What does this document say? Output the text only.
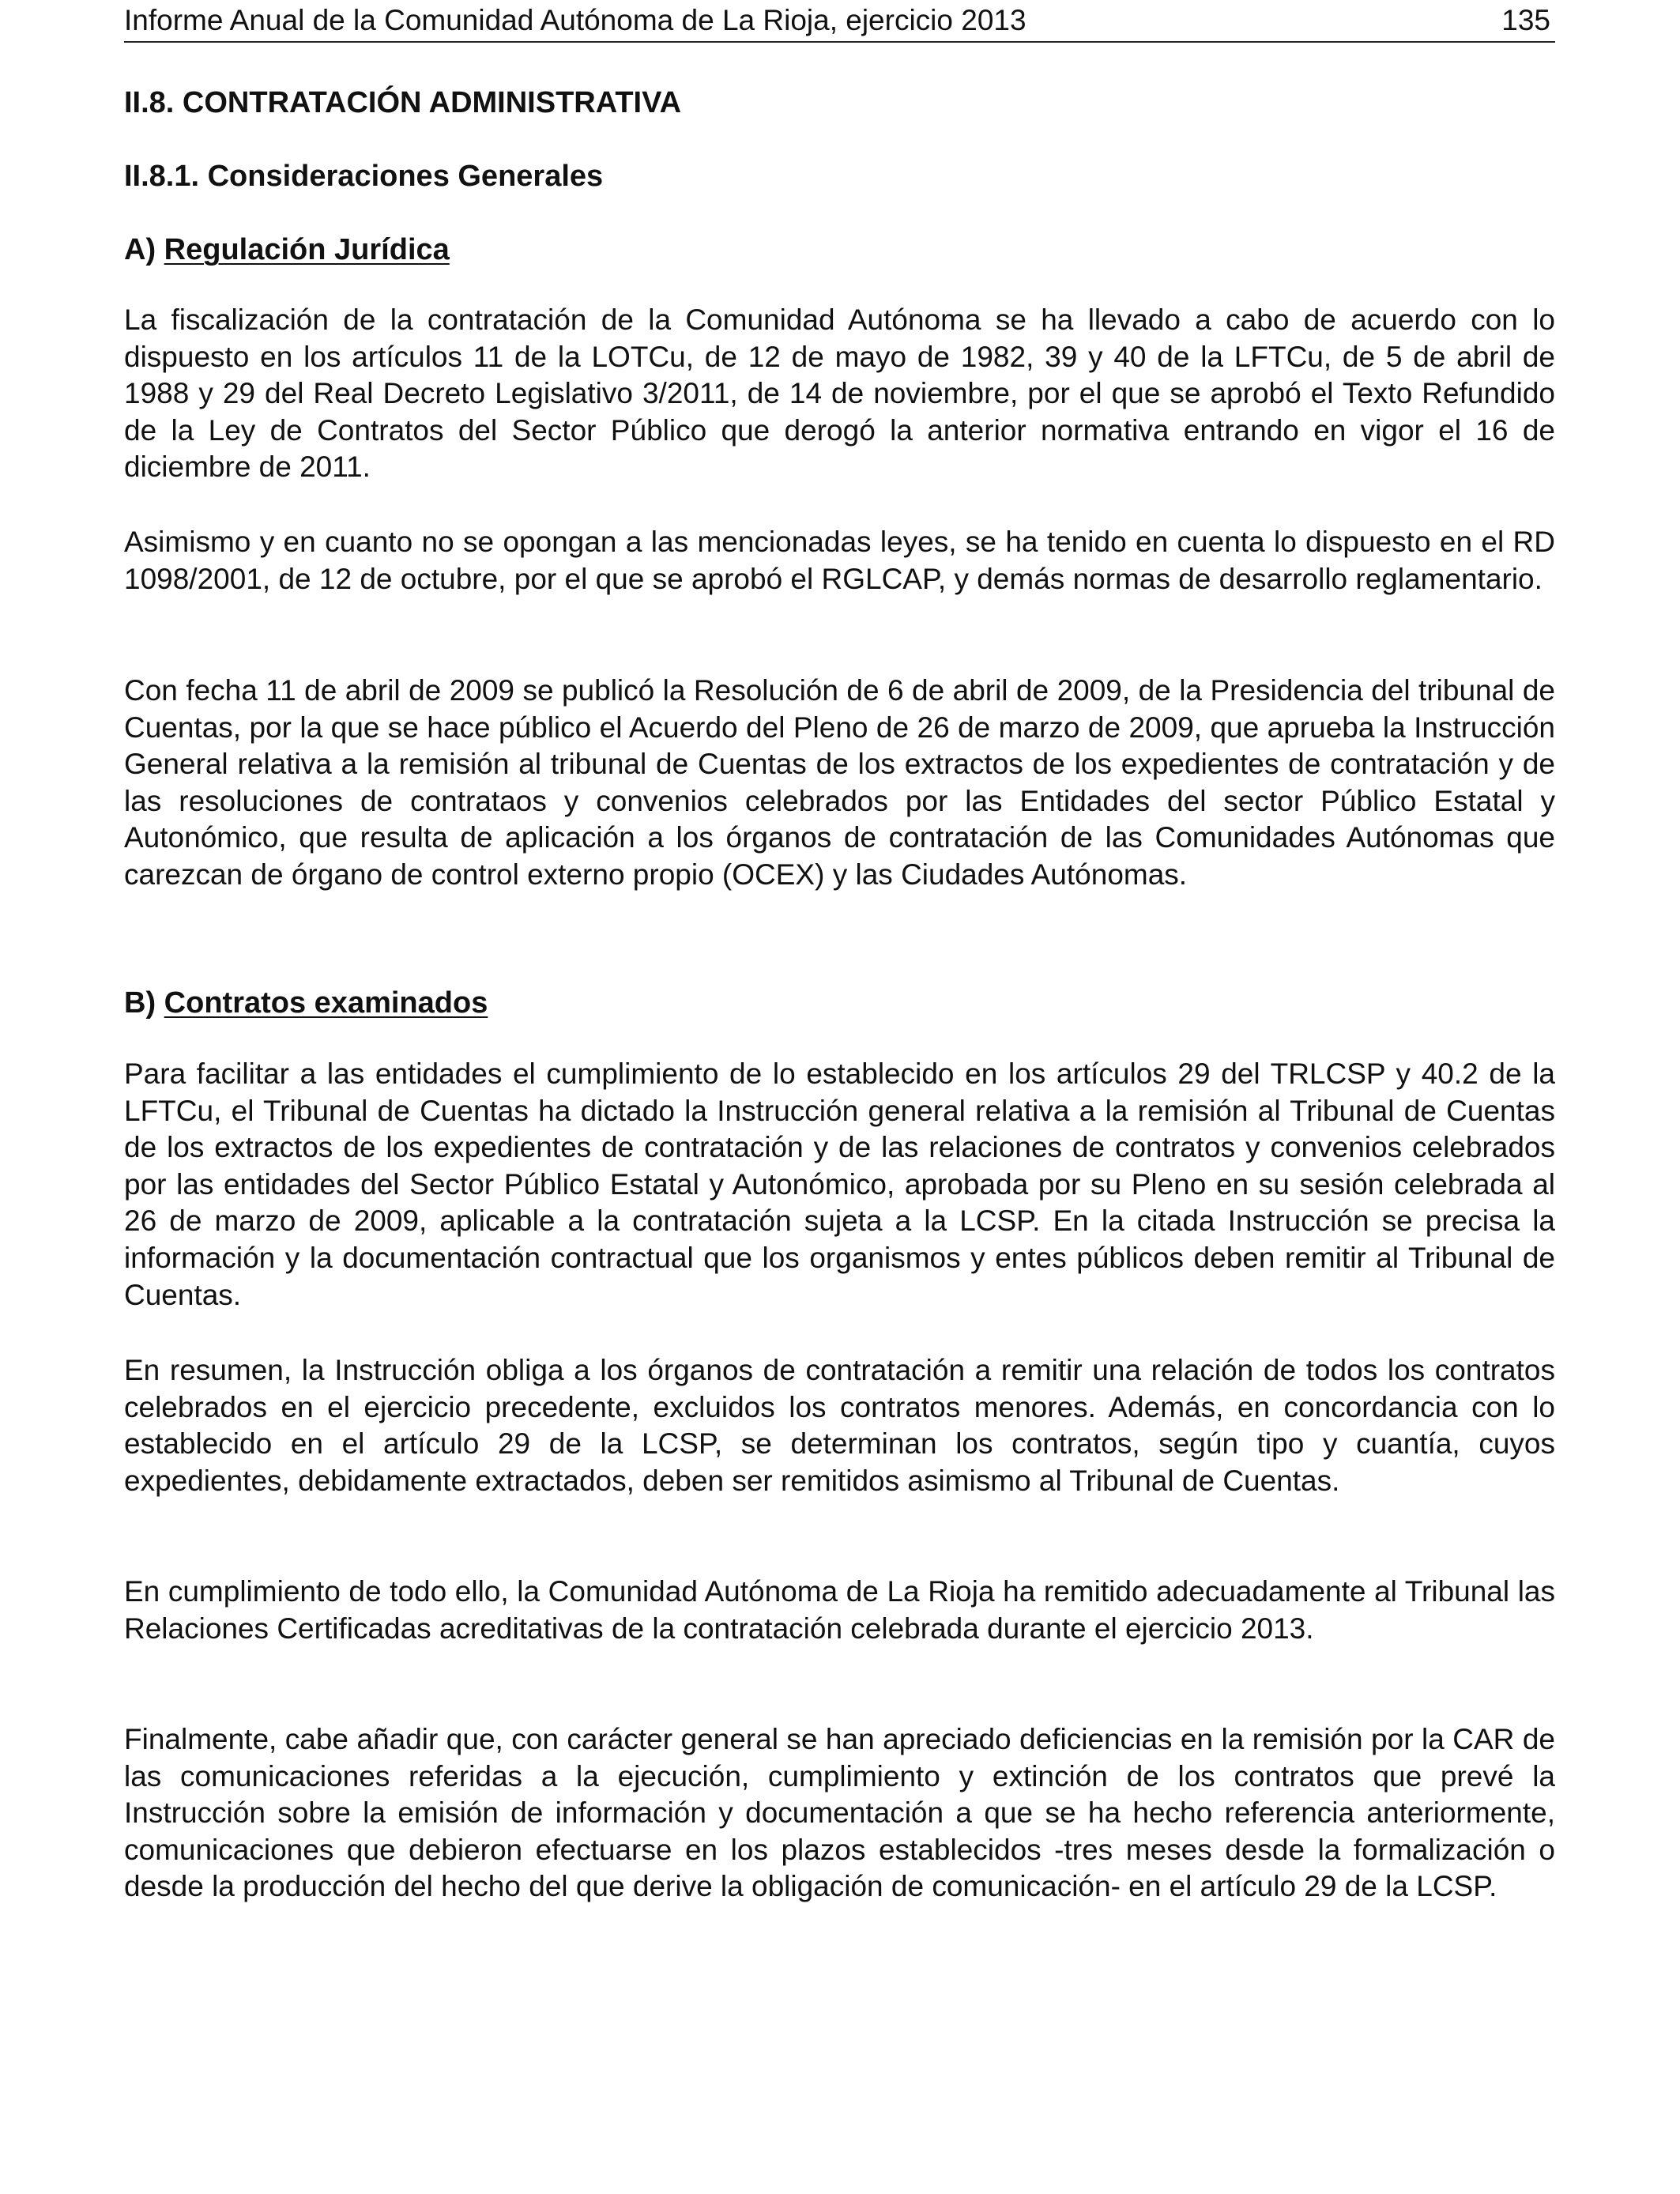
Informe Anual de la Comunidad Autónoma de La Rioja, ejercicio 2013	135
II.8. CONTRATACIÓN ADMINISTRATIVA
II.8.1. Consideraciones Generales
A) Regulación Jurídica

La fiscalización de la contratación de la Comunidad Autónoma se ha llevado a cabo de acuerdo con lo dispuesto en los artículos 11 de la LOTCu, de 12 de mayo de 1982, 39 y 40 de la LFTCu, de 5 de abril de 1988 y 29 del Real Decreto Legislativo 3/2011, de 14 de noviembre, por el que se aprobó el Texto Refundido de la Ley de Contratos del Sector Público que derogó la anterior normativa entrando en vigor el 16 de diciembre de 2011.

Asimismo y en cuanto no se opongan a las mencionadas leyes, se ha tenido en cuenta lo dispuesto en el RD 1098/2001, de 12 de octubre, por el que se aprobó el RGLCAP, y demás normas de desarrollo reglamentario.

Con fecha 11 de abril de 2009 se publicó la Resolución de 6 de abril de 2009, de la Presidencia del tribunal de Cuentas, por la que se hace público el Acuerdo del Pleno de 26 de marzo de 2009, que aprueba la Instrucción General relativa a la remisión al tribunal de Cuentas de los extractos de los expedientes de contratación y de las resoluciones de contrataos y convenios celebrados por las Entidades del sector Público Estatal y Autonómico, que resulta de aplicación a los órganos de contratación de las Comunidades Autónomas que carezcan de órgano de control externo propio (OCEX) y las Ciudades Autónomas.

B) Contratos examinados

Para facilitar a las entidades el cumplimiento de lo establecido en los artículos 29 del TRLCSP y 40.2 de la LFTCu, el Tribunal de Cuentas ha dictado la Instrucción general relativa a la remisión al Tribunal de Cuentas de los extractos de los expedientes de contratación y de las relaciones de contratos y convenios celebrados por las entidades del Sector Público Estatal y Autonómico, aprobada por su Pleno en su sesión celebrada al 26 de marzo de 2009, aplicable a la contratación sujeta a la LCSP. En la citada Instrucción se precisa la información y la documentación contractual que los organismos y entes públicos deben remitir al Tribunal de Cuentas.

En resumen, la Instrucción obliga a los órganos de contratación a remitir una relación de todos los contratos celebrados en el ejercicio precedente, excluidos los contratos menores. Además, en concordancia con lo establecido en el artículo 29 de la LCSP, se determinan los contratos, según tipo y cuantía, cuyos expedientes, debidamente extractados, deben ser remitidos asimismo al Tribunal de Cuentas.

En cumplimiento de todo ello, la Comunidad Autónoma de La Rioja ha remitido adecuadamente al Tribunal las Relaciones Certificadas acreditativas de la contratación celebrada durante el ejercicio 2013.

Finalmente, cabe añadir que, con carácter general se han apreciado deficiencias en la remisión por la CAR de las comunicaciones referidas a la ejecución, cumplimiento y extinción de los contratos que prevé la Instrucción sobre la emisión de información y documentación a que se ha hecho referencia anteriormente, comunicaciones que debieron efectuarse en los plazos establecidos -tres meses desde la formalización o desde la producción del hecho del que derive la obligación de comunicación- en el artículo 29 de la LCSP.
